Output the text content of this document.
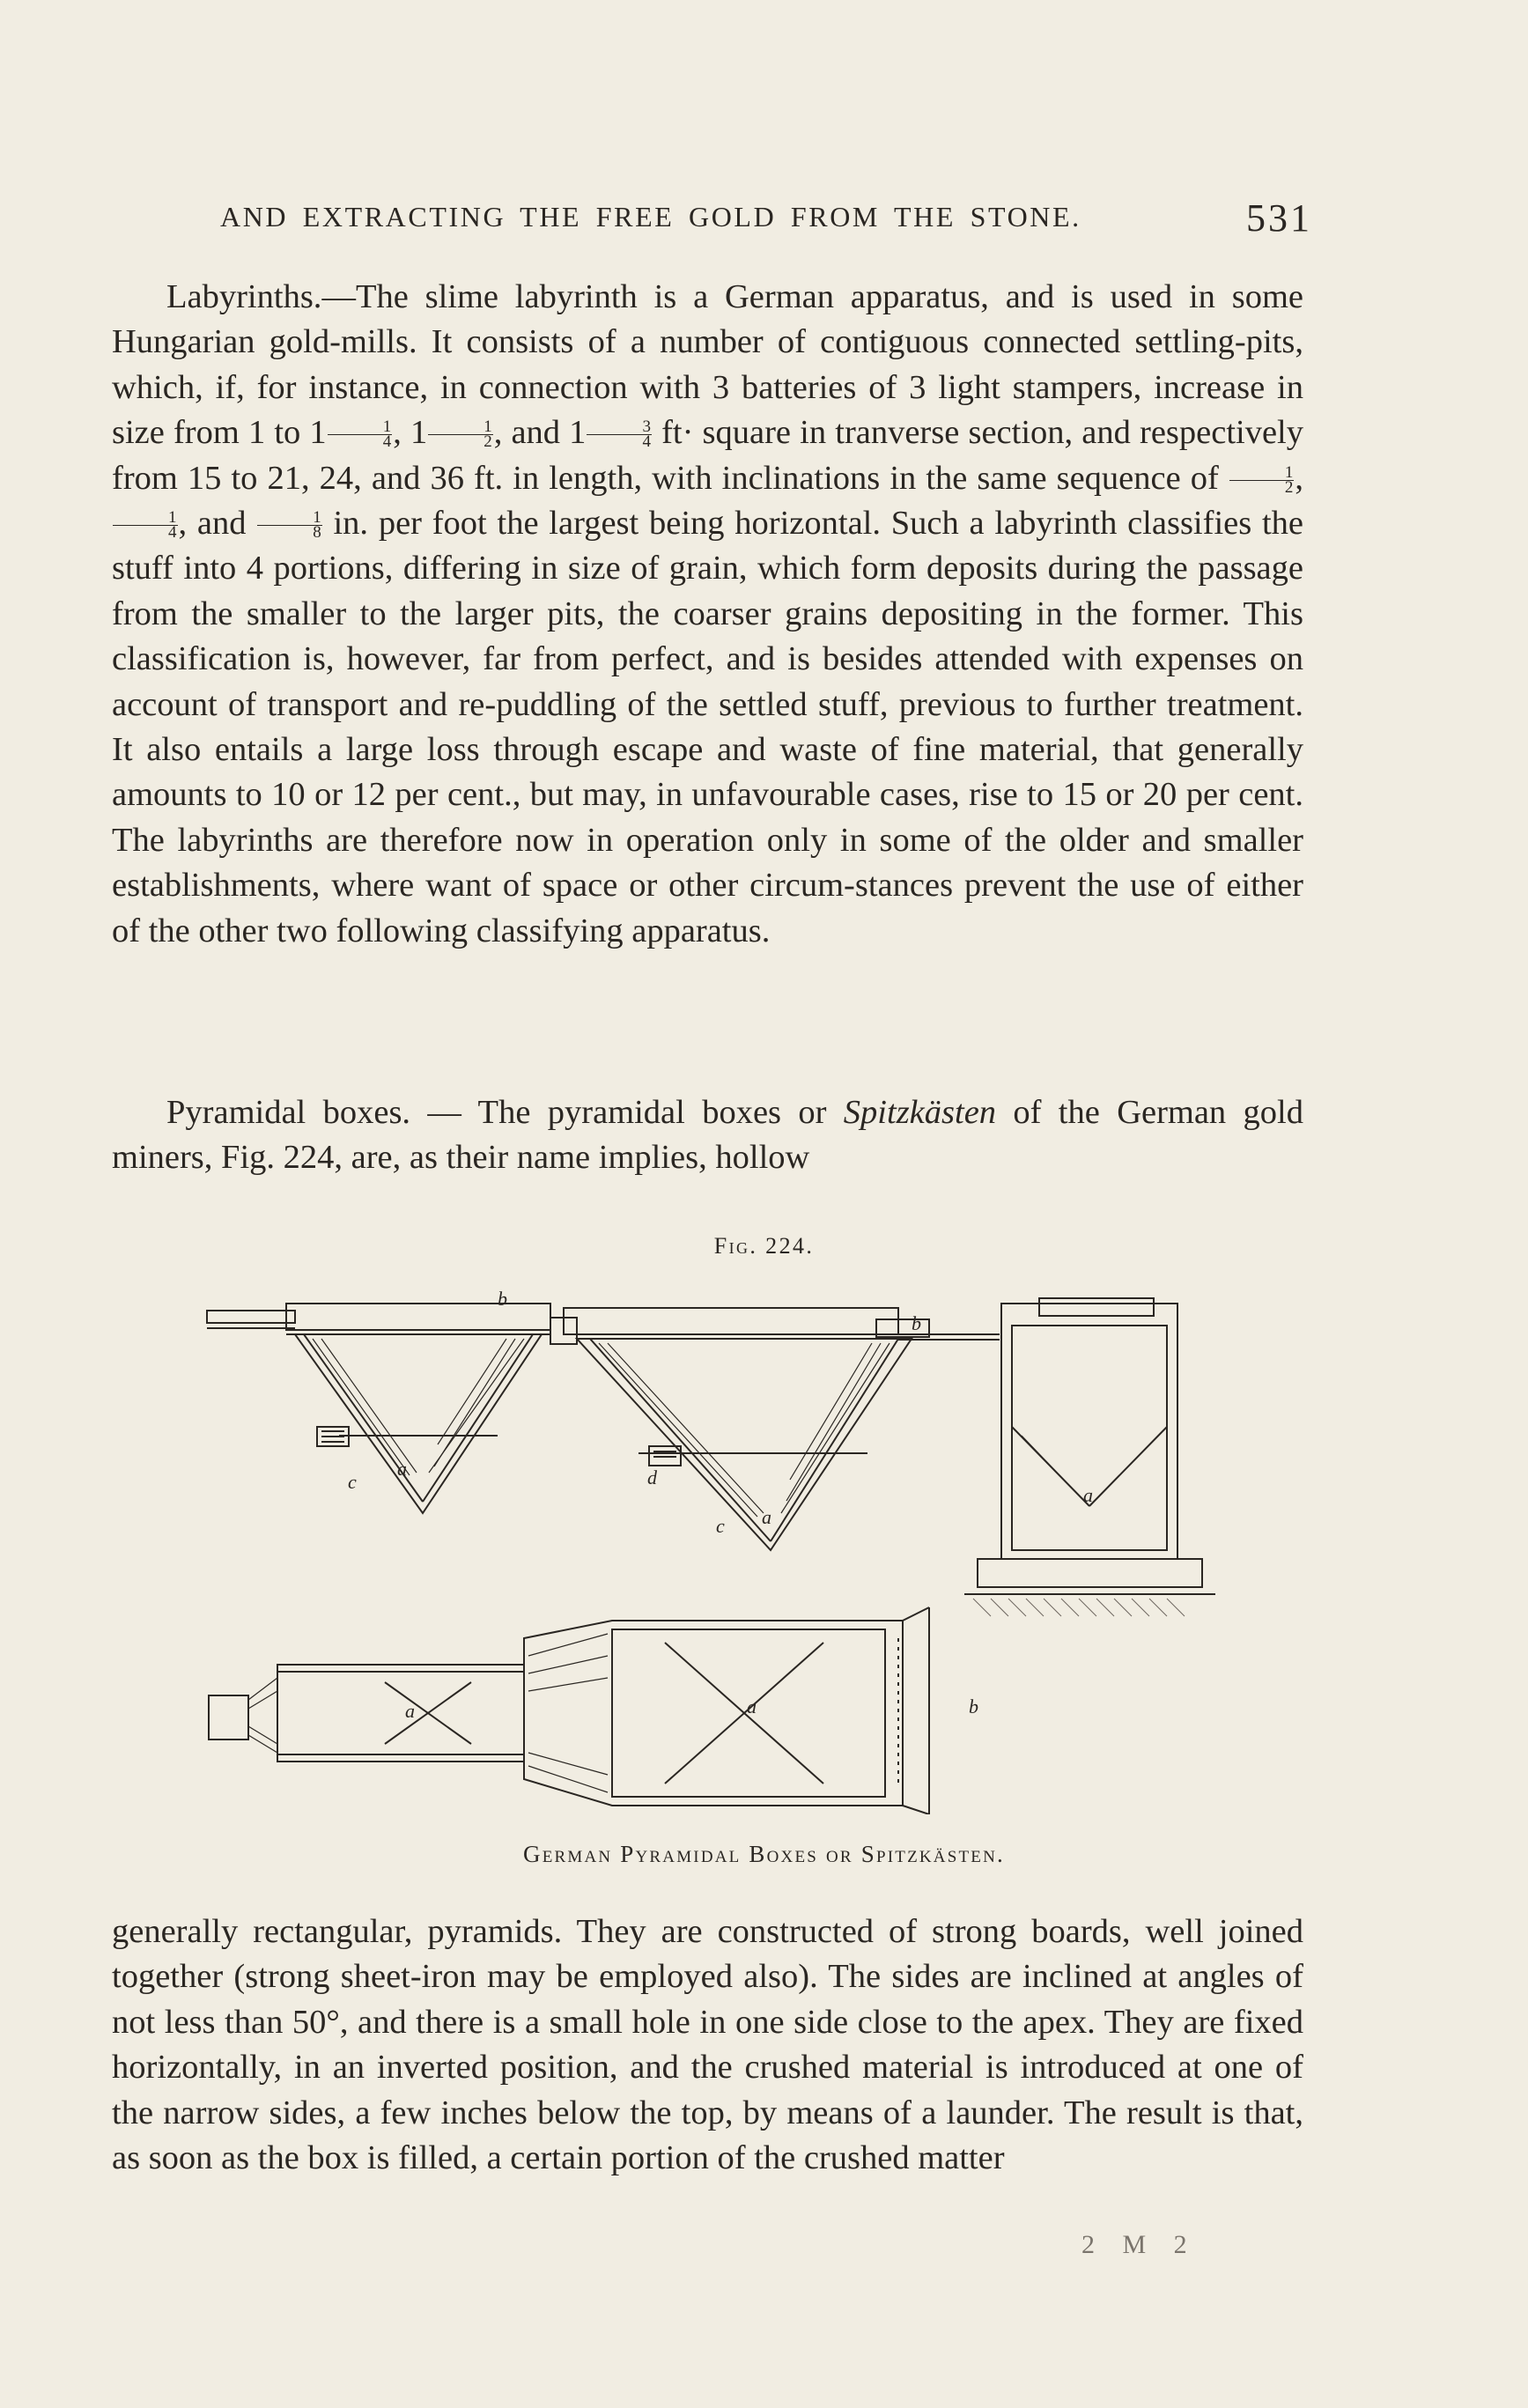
AND EXTRACTING THE FREE GOLD FROM THE STONE.	531

Labyrinths.—The slime labyrinth is a German apparatus, and is used in some Hungarian gold-mills. It consists of a number of contiguous connected settling-pits, which, if, for instance, in connection with 3 batteries of 3 light stampers, increase in size from 1 to $1 \frac{1}{4}$ , $1 \frac{1}{2}$ , and $1 \frac{3}{4} ft\cdot$ square in tranverse section, and respectively from 15 to 21, 24, and 36 ft. in length, with inclinations in the same sequence of $\frac{1}{2}$ ,
$\frac{1}{4}$ , and $\frac{1}{8}$ in. per foot the largest being horizontal. Such a labyrinth classifies the stuff into 4 portions, differing in size of grain, which form deposits during the passage from the smaller to the larger pits, the coarser grains depositing in the former. This classification is, however, far from perfect, and is besides attended with expenses on account of transport and re-puddling of the settled stuff, previous to further treatment. It also entails a large loss through escape and waste of fine material, that generally amounts to 10 or 12 per cent., but may, in unfavourable cases, rise to 15 or 20 per cent. The labyrinths are therefore now in operation only in some of the older and smaller establishments, where want of space or other circum-stances prevent the use of either of the other two following classifying apparatus.

Pyramidal boxes. — The pyramidal boxes or Spitzkästen of the German gold miners, Fig. 224, are, as their name implies, hollow

Fig. 224.
b
a
c	d
a
c
b
a
a	a	b
German Pyramidal Boxes or Spitzkästen.

generally rectangular, pyramids. They are constructed of strong boards, well joined together (strong sheet-iron may be employed also). The sides are inclined at angles of not less than 50°, and there is a small hole in one side close to the apex. They are fixed horizontally, in an inverted position, and the crushed material is introduced at one of the narrow sides, a few inches below the top, by means of a launder. The result is that, as soon as the box is filled, a certain portion of the crushed matter

2 M 2
